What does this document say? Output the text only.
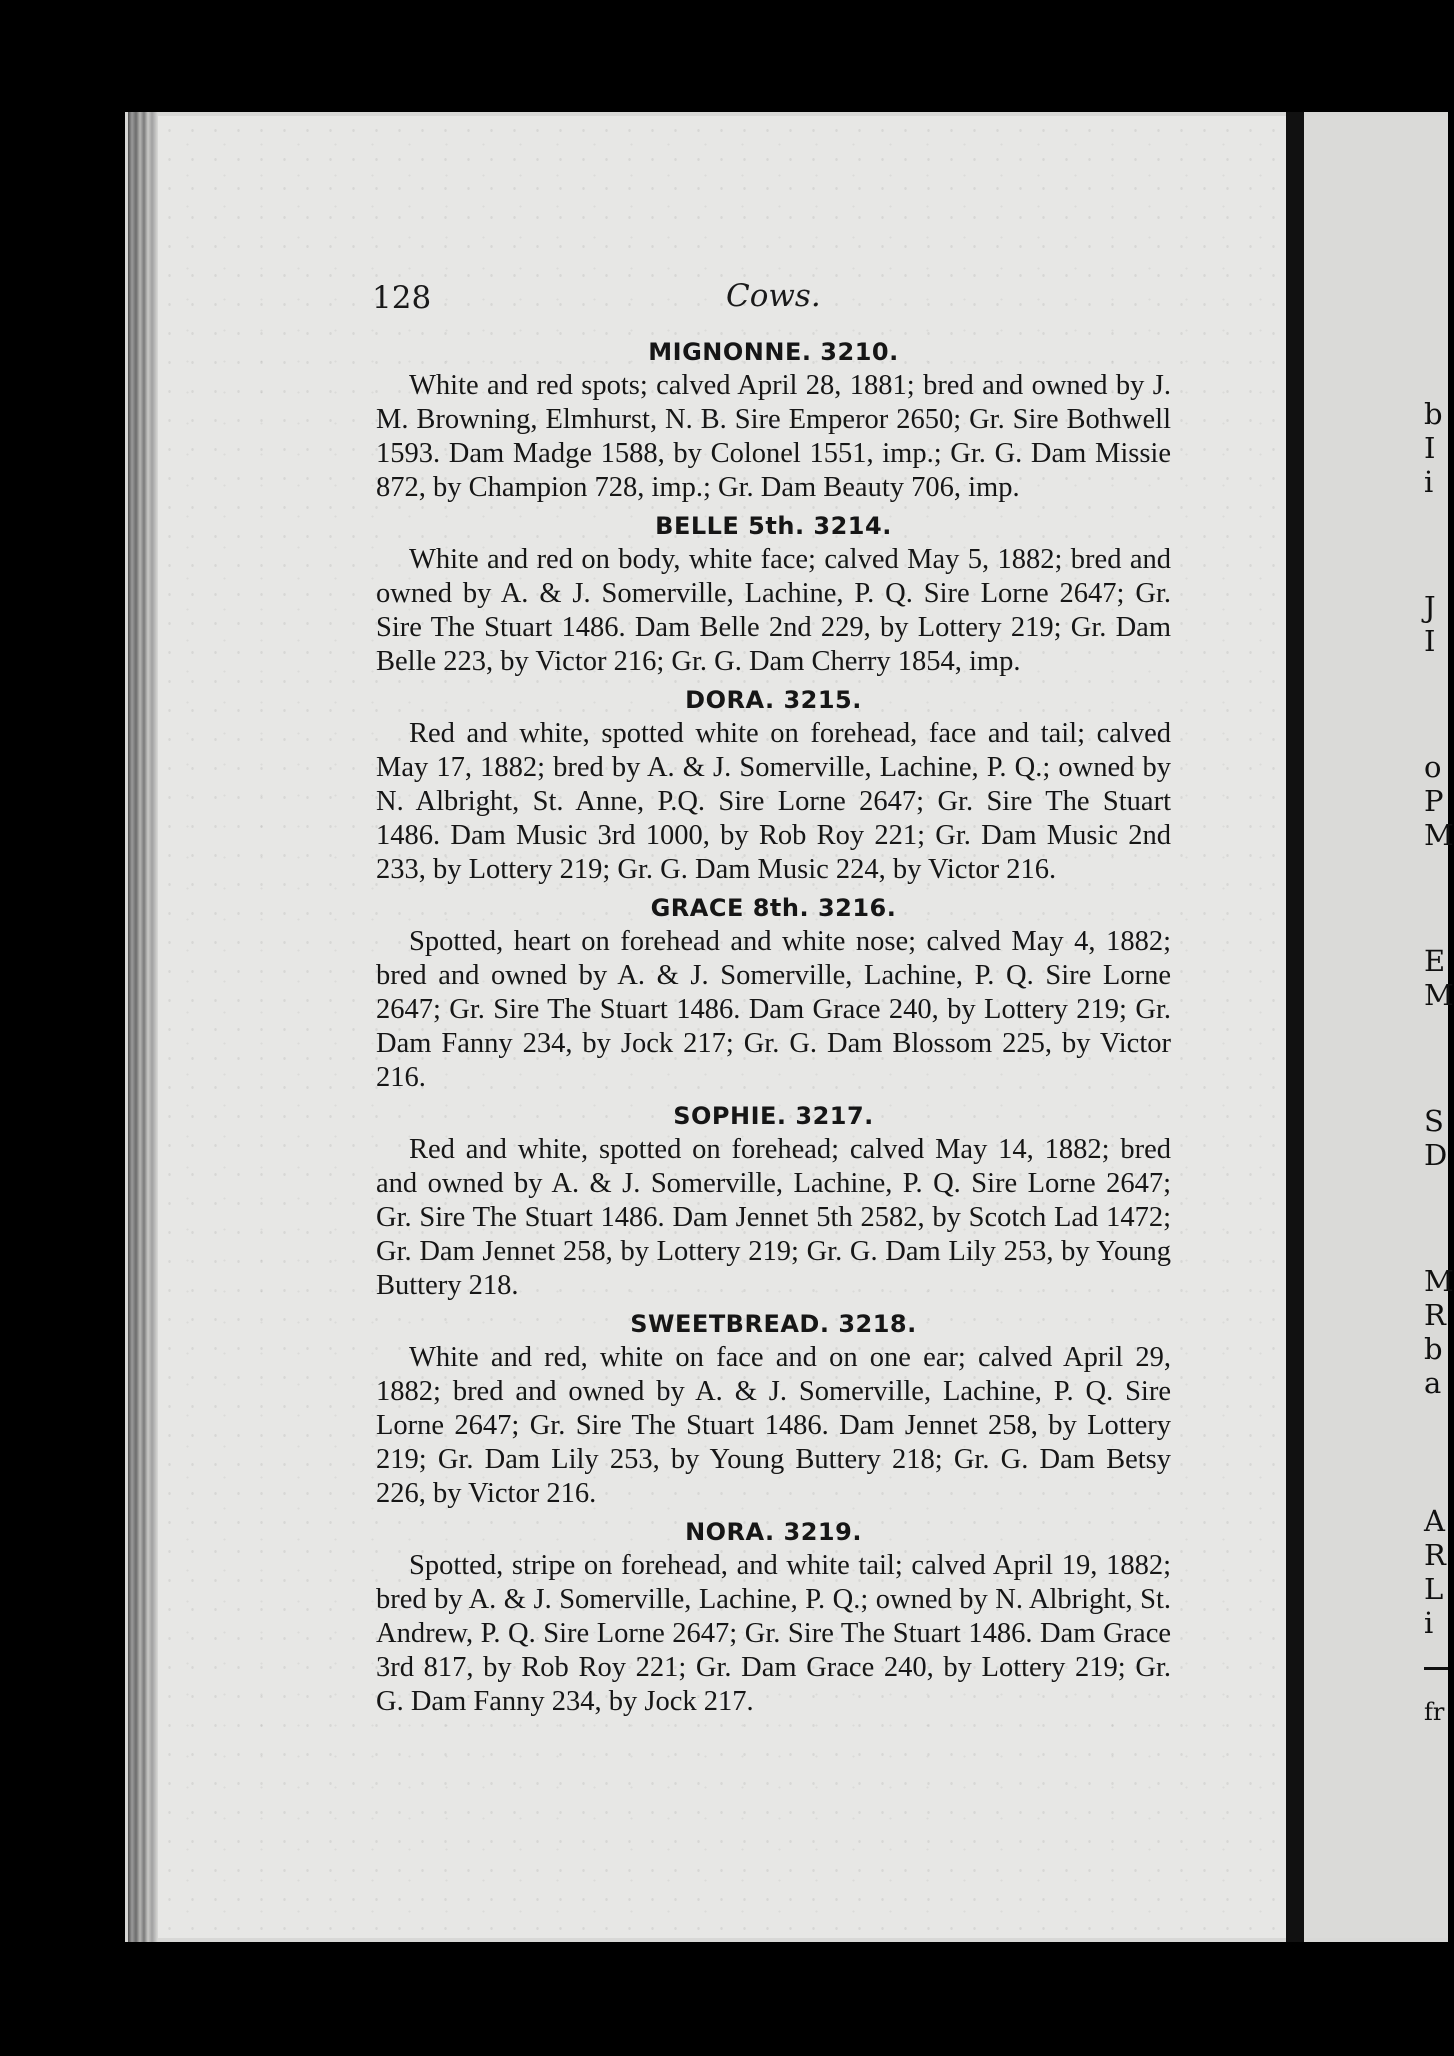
128	Cows.
MIGNONNE. 3210.
White and red spots; calved April 28, 1881; bred and owned by J. M. Browning, Elmhurst, N. B. Sire Emperor 2650; Gr. Sire Bothwell 1593. Dam Madge 1588, by Colonel 1551, imp.; Gr. G. Dam Missie 872, by Champion 728, imp.; Gr. Dam Beauty 706, imp.
BELLE 5th. 3214.
White and red on body, white face; calved May 5, 1882; bred and owned by A. & J. Somerville, Lachine, P. Q. Sire Lorne 2647; Gr. Sire The Stuart 1486. Dam Belle 2nd 229, by Lottery 219; Gr. Dam Belle 223, by Victor 216; Gr. G. Dam Cherry 1854, imp.
DORA. 3215.
Red and white, spotted white on forehead, face and tail; calved May 17, 1882; bred by A. & J. Somerville, Lachine, P. Q.; owned by N. Albright, St. Anne, P.Q. Sire Lorne 2647; Gr. Sire The Stuart 1486. Dam Music 3rd 1000, by Rob Roy 221; Gr. Dam Music 2nd 233, by Lottery 219; Gr. G. Dam Music 224, by Victor 216.
GRACE 8th. 3216.
Spotted, heart on forehead and white nose; calved May 4, 1882; bred and owned by A. & J. Somerville, Lachine, P. Q. Sire Lorne 2647; Gr. Sire The Stuart 1486. Dam Grace 240, by Lottery 219; Gr. Dam Fanny 234, by Jock 217; Gr. G. Dam Blossom 225, by Victor 216.
SOPHIE. 3217.
Red and white, spotted on forehead; calved May 14, 1882; bred and owned by A. & J. Somerville, Lachine, P. Q. Sire Lorne 2647; Gr. Sire The Stuart 1486. Dam Jennet 5th 2582, by Scotch Lad 1472; Gr. Dam Jennet 258, by Lottery 219; Gr. G. Dam Lily 253, by Young Buttery 218.
SWEETBREAD. 3218.
White and red, white on face and on one ear; calved April 29, 1882; bred and owned by A. & J. Somerville, Lachine, P. Q. Sire Lorne 2647; Gr. Sire The Stuart 1486. Dam Jennet 258, by Lottery 219; Gr. Dam Lily 253, by Young Buttery 218; Gr. G. Dam Betsy 226, by Victor 216.
NORA. 3219.
Spotted, stripe on forehead, and white tail; calved April 19, 1882; bred by A. & J. Somerville, Lachine, P. Q.; owned by N. Albright, St. Andrew, P. Q. Sire Lorne 2647; Gr. Sire The Stuart 1486. Dam Grace 3rd 817, by Rob Roy 221; Gr. Dam Grace 240, by Lottery 219; Gr. G. Dam Fanny 234, by Jock 217.
b
I
i
J
I
o
P
M
E
M
S
D
M
R
b
a
A
R
L
i
fr
